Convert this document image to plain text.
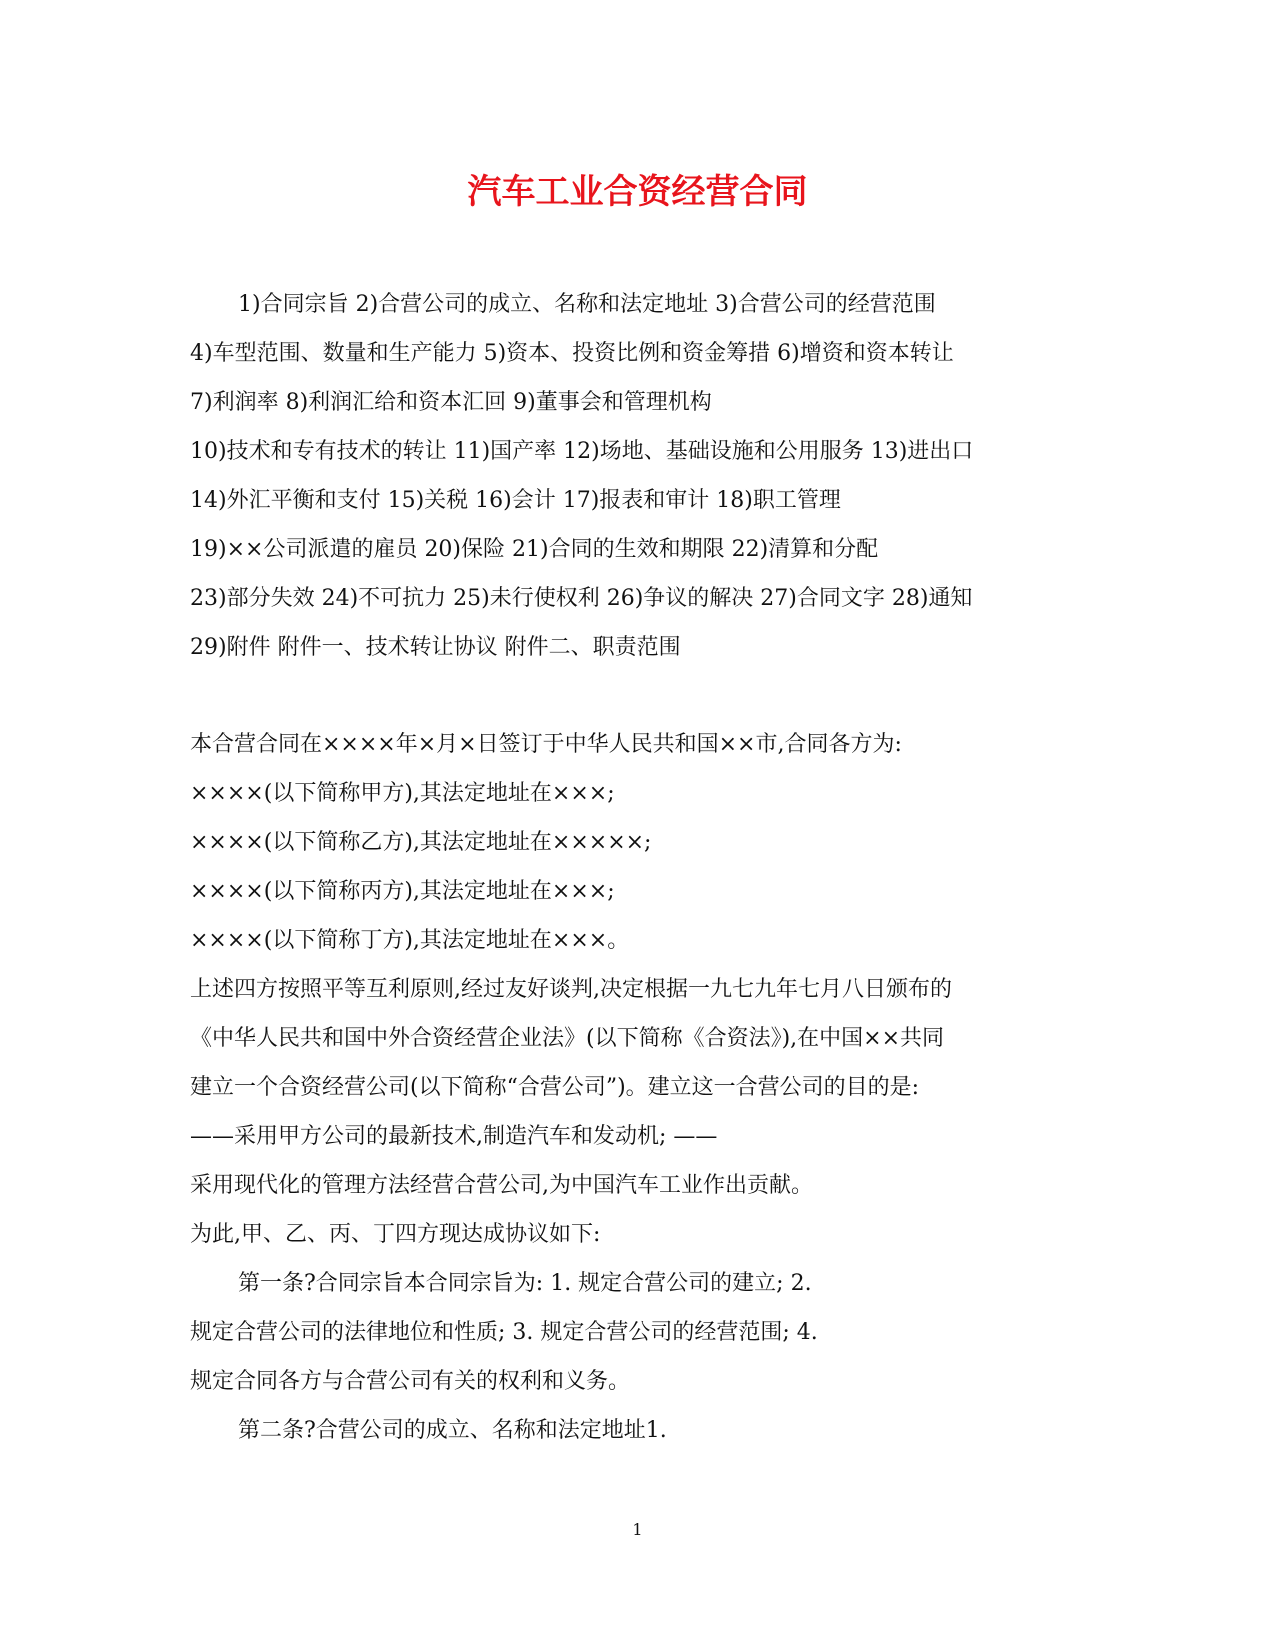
汽车工业合资经营合同
1)合同宗旨 2)合营公司的成立、名称和法定地址 3)合营公司的经营范围
4)车型范围、数量和生产能力 5)资本、投资比例和资金筹措 6)增资和资本转让
7)利润率 8)利润汇给和资本汇回 9)董事会和管理机构
10)技术和专有技术的转让 11)国产率 12)场地、基础设施和公用服务 13)进出口
14)外汇平衡和支付 15)关税 16)会计 17)报表和审计 18)职工管理
19)××公司派遣的雇员 20)保险 21)合同的生效和期限 22)清算和分配
23)部分失效 24)不可抗力 25)未行使权利 26)争议的解决 27)合同文字 28)通知
29)附件 附件一、技术转让协议 附件二、职责范围
本合营合同在××××年×月×日签订于中华人民共和国××市,合同各方为:
××××(以下简称甲方),其法定地址在×××;
××××(以下简称乙方),其法定地址在×××××;
××××(以下简称丙方),其法定地址在×××;
××××(以下简称丁方),其法定地址在×××。
上述四方按照平等互利原则,经过友好谈判,决定根据一九七九年七月八日颁布的
《中华人民共和国中外合资经营企业法》(以下简称《合资法》),在中国××共同
建立一个合资经营公司(以下简称“合营公司”)。建立这一合营公司的目的是:
——采用甲方公司的最新技术,制造汽车和发动机; ——
采用现代化的管理方法经营合营公司,为中国汽车工业作出贡献。
为此,甲、乙、丙、丁四方现达成协议如下:
第一条?合同宗旨本合同宗旨为: 1. 规定合营公司的建立; 2.
规定合营公司的法律地位和性质; 3. 规定合营公司的经营范围; 4.
规定合同各方与合营公司有关的权利和义务。
第二条?合营公司的成立、名称和法定地址1.
1
